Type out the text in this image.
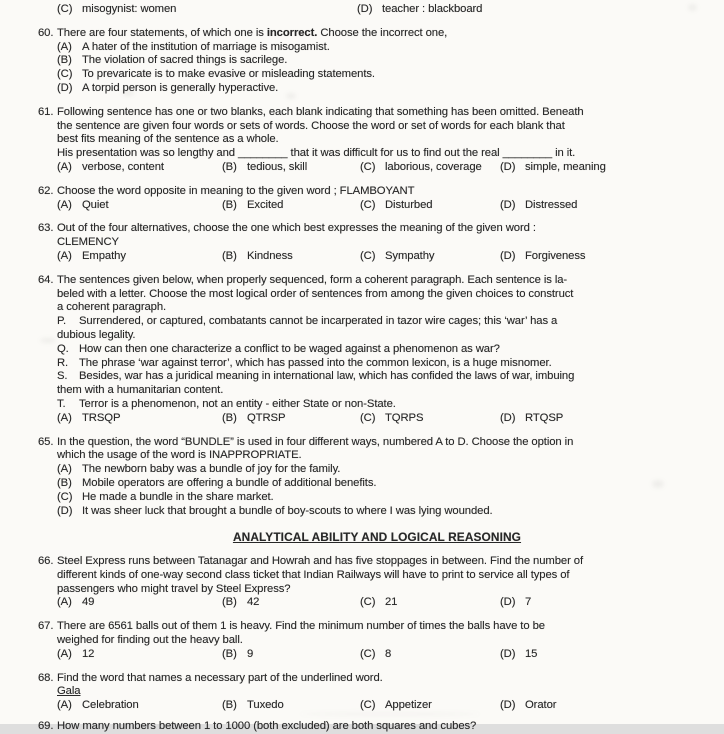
(C) misogynist: women	(D) teacher : blackboard
60. There are four statements, of which one is incorrect. Choose the incorrect one,
(A) A hater of the institution of marriage is misogamist.
(B) The violation of sacred things is sacrilege.
(C) To prevaricate is to make evasive or misleading statements.
(D) A torpid person is generally hyperactive.
61. Following sentence has one or two blanks, each blank indicating that something has been omitted. Beneath
the sentence are given four words or sets of words. Choose the word or set of words for each blank that
best fits meaning of the sentence as a whole.
His presentation was so lengthy and ________ that it was difficult for us to find out the real ________ in it.
(A) verbose, content	(B) tedious, skill	(C) laborious, coverage	(D) simple, meaning
62. Choose the word opposite in meaning to the given word ; FLAMBOYANT
(A) Quiet	(B) Excited	(C) Disturbed	(D) Distressed
63. Out of the four alternatives, choose the one which best expresses the meaning of the given word :
CLEMENCY
(A) Empathy	(B) Kindness	(C) Sympathy	(D) Forgiveness
64. The sentences given below, when properly sequenced, form a coherent paragraph. Each sentence is la-
beled with a letter. Choose the most logical order of sentences from among the given choices to construct
a coherent paragraph.
P. Surrendered, or captured, combatants cannot be incarperated in tazor wire cages; this ‘war’ has a
dubious legality.
Q. How can then one characterize a conflict to be waged against a phenomenon as war?
R. The phrase ‘war against terror’, which has passed into the common lexicon, is a huge misnomer.
S. Besides, war has a juridical meaning in international law, which has confided the laws of war, imbuing
them with a humanitarian content.
T. Terror is a phenomenon, not an entity - either State or non-State.
(A) TRSQP	(B) QTRSP	(C) TQRPS	(D) RTQSP
65. In the question, the word “BUNDLE” is used in four different ways, numbered A to D. Choose the option in
which the usage of the word is INAPPROPRIATE.
(A) The newborn baby was a bundle of joy for the family.
(B) Mobile operators are offering a bundle of additional benefits.
(C) He made a bundle in the share market.
(D) It was sheer luck that brought a bundle of boy-scouts to where I was lying wounded.
ANALYTICAL ABILITY AND LOGICAL REASONING
66. Steel Express runs between Tatanagar and Howrah and has five stoppages in between. Find the number of
different kinds of one-way second class ticket that Indian Railways will have to print to service all types of
passengers who might travel by Steel Express?
(A) 49	(B) 42	(C) 21	(D) 7
67. There are 6561 balls out of them 1 is heavy. Find the minimum number of times the balls have to be
weighed for finding out the heavy ball.
(A) 12	(B) 9	(C) 8	(D) 15
68. Find the word that names a necessary part of the underlined word.
Gala
(A) Celebration	(B) Tuxedo	(C) Appetizer	(D) Orator
69. How many numbers between 1 to 1000 (both excluded) are both squares and cubes?
